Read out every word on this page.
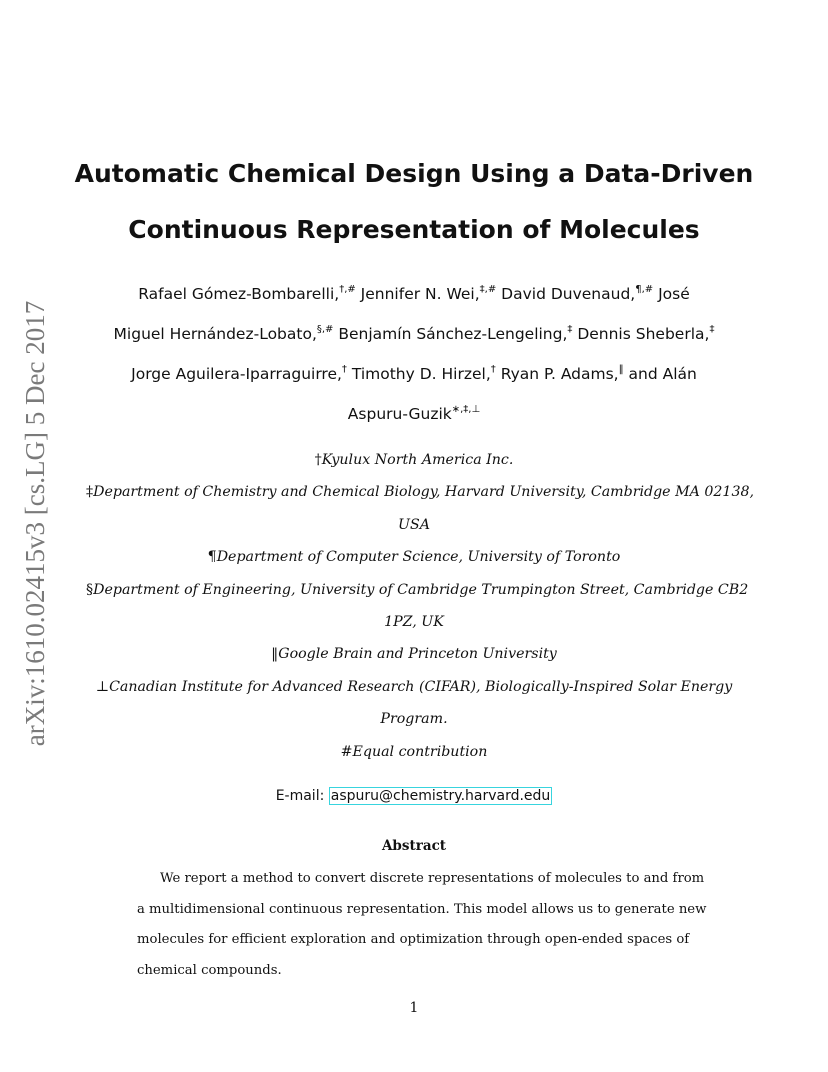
arXiv:1610.02415v3 [cs.LG] 5 Dec 2017
Automatic Chemical Design Using a Data-Driven
Continuous Representation of Molecules
Rafael Gómez-Bombarelli,†,# Jennifer N. Wei,‡,# David Duvenaud,¶,# José
Miguel Hernández-Lobato,§,# Benjamín Sánchez-Lengeling,‡ Dennis Sheberla,‡
Jorge Aguilera-Iparraguirre,† Timothy D. Hirzel,† Ryan P. Adams,‖ and Alán
Aspuru-Guzik∗,‡,⊥
†Kyulux North America Inc.
‡Department of Chemistry and Chemical Biology, Harvard University, Cambridge MA 02138,
USA
¶Department of Computer Science, University of Toronto
§Department of Engineering, University of Cambridge Trumpington Street, Cambridge CB2
1PZ, UK
‖Google Brain and Princeton University
⊥Canadian Institute for Advanced Research (CIFAR), Biologically-Inspired Solar Energy
Program.
#Equal contribution
E-mail: aspuru@chemistry.harvard.edu
Abstract
We report a method to convert discrete representations of molecules to and from
a multidimensional continuous representation. This model allows us to generate new
molecules for efficient exploration and optimization through open-ended spaces of
chemical compounds.
1
